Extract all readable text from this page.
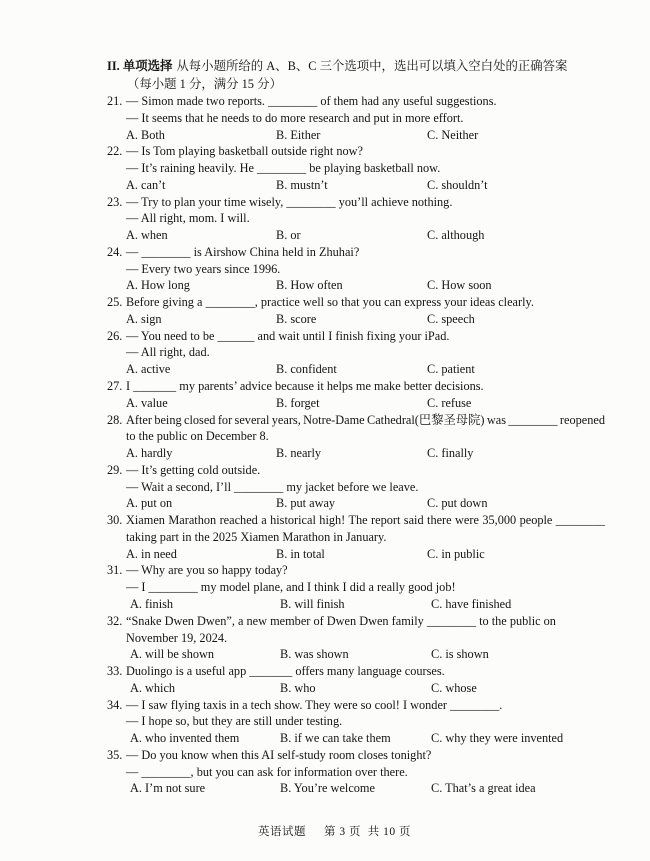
II. 单项选择 从每小题所给的 A、B、C 三个选项中，选出可以填入空白处的正确答案
（每小题 1 分，满分 15 分）
21. — Simon made two reports. ________ of them had any useful suggestions.
— It seems that he needs to do more research and put in more effort.
A. Both	B. Either	C. Neither
22. — Is Tom playing basketball outside right now?
— It’s raining heavily. He ________ be playing basketball now.
A. can’t	B. mustn’t	C. shouldn’t
23. — Try to plan your time wisely, ________ you’ll achieve nothing.
— All right, mom. I will.
A. when	B. or	C. although
24. — ________ is Airshow China held in Zhuhai?
— Every two years since 1996.
A. How long	B. How often	C. How soon
25. Before giving a ________, practice well so that you can express your ideas clearly.
A. sign	B. score	C. speech
26. — You need to be ______ and wait until I finish fixing your iPad.
— All right, dad.
A. active	B. confident	C. patient
27. I _______ my parents’ advice because it helps me make better decisions.
A. value	B. forget	C. refuse
28. After being closed for several years, Notre-Dame Cathedral(巴黎圣母院) was ________ reopened
to the public on December 8.
A. hardly	B. nearly	C. finally
29. — It’s getting cold outside.
— Wait a second, I’ll ________ my jacket before we leave.
A. put on	B. put away	C. put down
30. Xiamen Marathon reached a historical high! The report said there were 35,000 people ________
taking part in the 2025 Xiamen Marathon in January.
A. in need	B. in total	C. in public
31. — Why are you so happy today?
— I ________ my model plane, and I think I did a really good job!
A. finish	B. will finish	C. have finished
32. “Snake Dwen Dwen”, a new member of Dwen Dwen family ________ to the public on
November 19, 2024.
A. will be shown	B. was shown	C. is shown
33. Duolingo is a useful app _______ offers many language courses.
A. which	B. who	C. whose
34. — I saw flying taxis in a tech show. They were so cool! I wonder ________.
— I hope so, but they are still under testing.
A. who invented them	B. if we can take them	C. why they were invented
35. — Do you know when this AI self-study room closes tonight?
— ________, but you can ask for information over there.
A. I’m not sure	B. You’re welcome	C. That’s a great idea
英语试题 第 3 页  共 10 页
